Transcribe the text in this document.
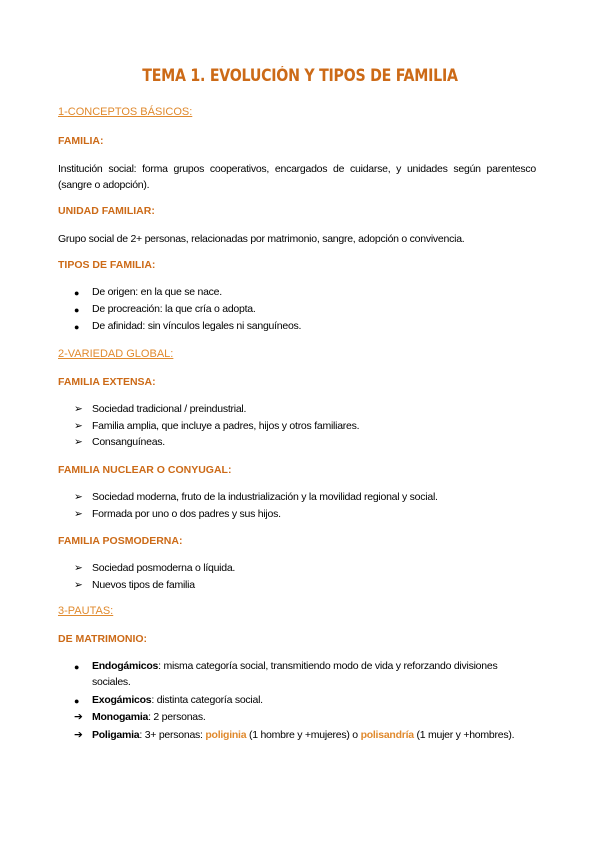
TEMA 1. EVOLUCIÓN Y TIPOS DE FAMILIA
1-CONCEPTOS BÁSICOS:
FAMILIA:
Institución social: forma grupos cooperativos, encargados de cuidarse, y unidades según parentesco (sangre o adopción).
UNIDAD FAMILIAR:
Grupo social de 2+ personas, relacionadas por matrimonio, sangre, adopción o convivencia.
TIPOS DE FAMILIA:
● De origen: en la que se nace.
● De procreación: la que cría o adopta.
● De afinidad: sin vínculos legales ni sanguíneos.
2-VARIEDAD GLOBAL:
FAMILIA EXTENSA:
➢ Sociedad tradicional / preindustrial.
➢ Familia amplia, que incluye a padres, hijos y otros familiares.
➢ Consanguíneas.
FAMILIA NUCLEAR O CONYUGAL:
➢ Sociedad moderna, fruto de la industrialización y la movilidad regional y social.
➢ Formada por uno o dos padres y sus hijos.
FAMILIA POSMODERNA:
➢ Sociedad posmoderna o líquida.
➢ Nuevos tipos de familia
3-PAUTAS:
DE MATRIMONIO:
● Endogámicos: misma categoría social, transmitiendo modo de vida y reforzando divisiones sociales.
● Exogámicos: distinta categoría social.
➔ Monogamia: 2 personas.
➔ Poligamia: 3+ personas: poliginia (1 hombre y +mujeres) o polisandría (1 mujer y +hombres).
